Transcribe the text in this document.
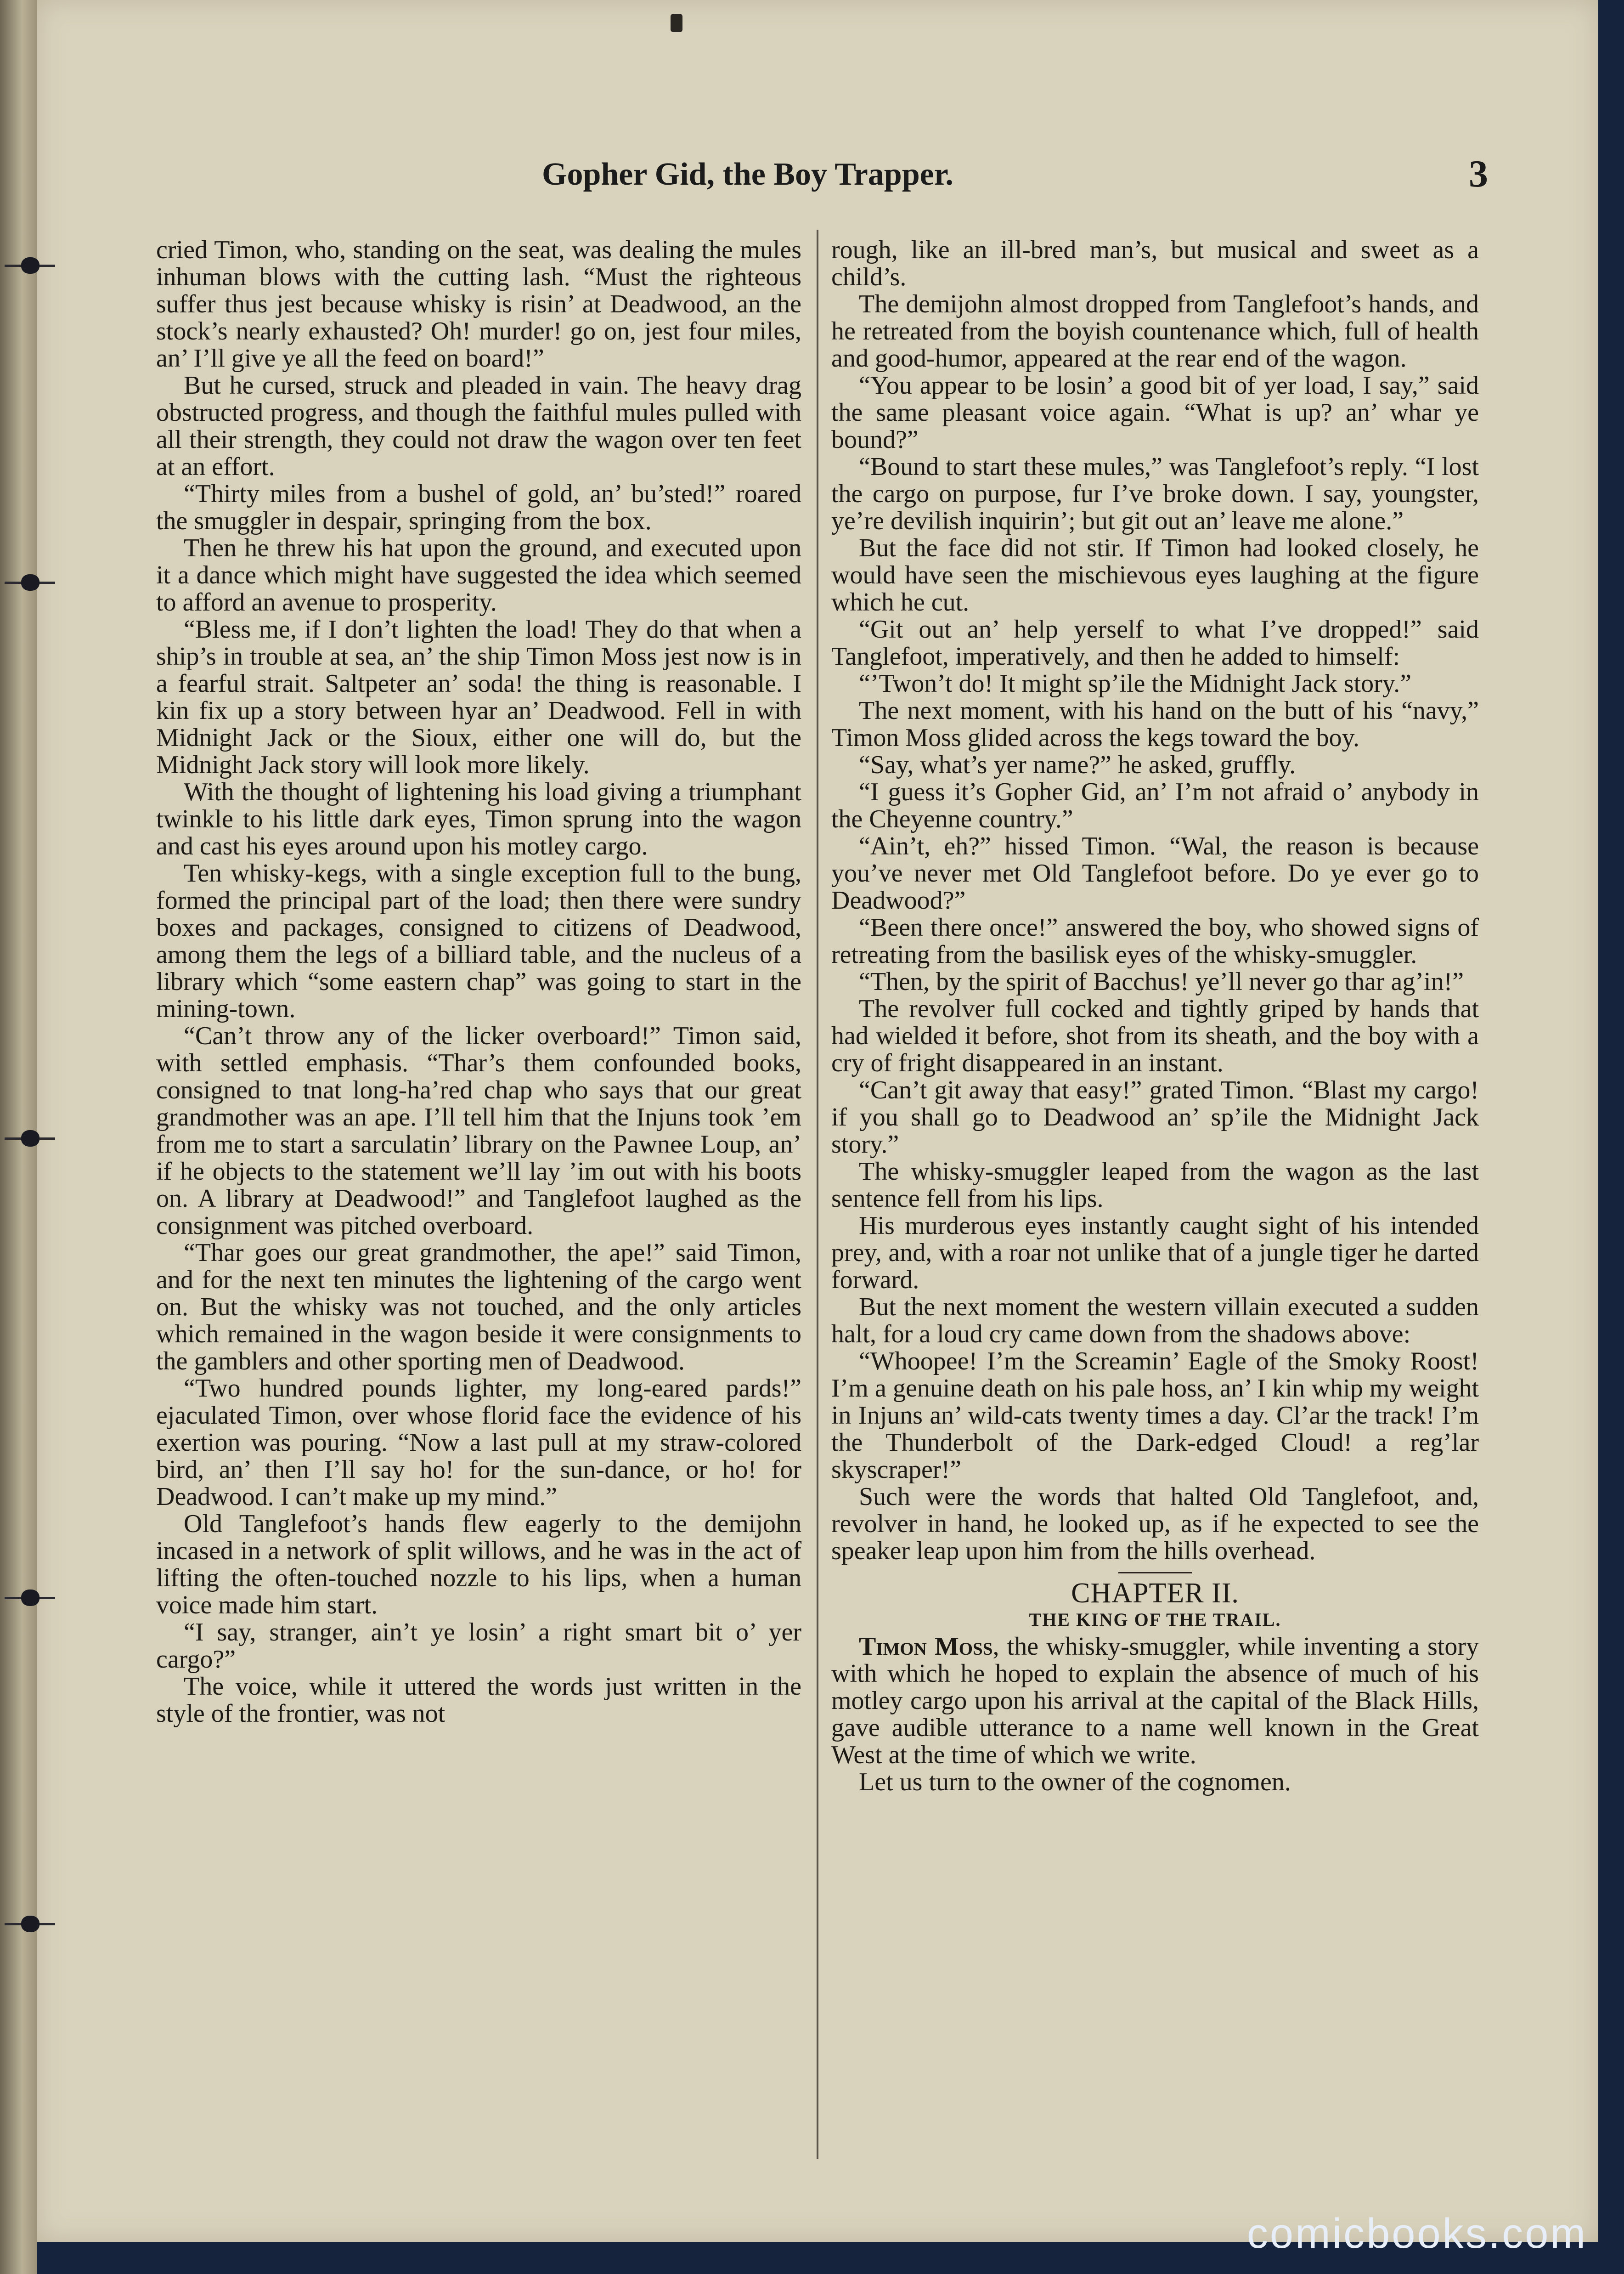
Gopher Gid, the Boy Trapper.	3

cried Timon, who, standing on the seat, was dealing the mules inhuman blows with the cutting lash. “Must the righteous suffer thus jest because whisky is risin’ at Deadwood, an the stock’s nearly exhausted? Oh! murder! go on, jest four miles, an’ I’ll give ye all the feed on board!”

But he cursed, struck and pleaded in vain. The heavy drag obstructed progress, and though the faithful mules pulled with all their strength, they could not draw the wagon over ten feet at an effort.

“Thirty miles from a bushel of gold, an’ bu’sted!” roared the smuggler in despair, springing from the box.

Then he threw his hat upon the ground, and executed upon it a dance which might have suggested the idea which seemed to afford an avenue to prosperity.

“Bless me, if I don’t lighten the load! They do that when a ship’s in trouble at sea, an’ the ship Timon Moss jest now is in a fearful strait. Saltpeter an’ soda! the thing is reasonable. I kin fix up a story between hyar an’ Deadwood. Fell in with Midnight Jack or the Sioux, either one will do, but the Midnight Jack story will look more likely.

With the thought of lightening his load giving a triumphant twinkle to his little dark eyes, Timon sprung into the wagon and cast his eyes around upon his motley cargo.

Ten whisky-kegs, with a single exception full to the bung, formed the principal part of the load; then there were sundry boxes and packages, consigned to citizens of Deadwood, among them the legs of a billiard table, and the nucleus of a library which “some eastern chap” was going to start in the mining-town.

“Can’t throw any of the licker overboard!” Timon said, with settled emphasis. “Thar’s them confounded books, consigned to tnat long-ha’red chap who says that our great grandmother was an ape. I’ll tell him that the Injuns took ’em from me to start a sarculatin’ library on the Pawnee Loup, an’ if he objects to the statement we’ll lay ’im out with his boots on. A library at Deadwood!” and Tanglefoot laughed as the consignment was pitched overboard.

“Thar goes our great grandmother, the ape!” said Timon, and for the next ten minutes the lightening of the cargo went on. But the whisky was not touched, and the only articles which remained in the wagon beside it were consignments to the gamblers and other sporting men of Deadwood.

“Two hundred pounds lighter, my long-eared pards!” ejaculated Timon, over whose florid face the evidence of his exertion was pouring. “Now a last pull at my straw-colored bird, an’ then I’ll say ho! for the sun-dance, or ho! for Deadwood. I can’t make up my mind.”

Old Tanglefoot’s hands flew eagerly to the demijohn incased in a network of split willows, and he was in the act of lifting the often-touched nozzle to his lips, when a human voice made him start.

“I say, stranger, ain’t ye losin’ a right smart bit o’ yer cargo?”

The voice, while it uttered the words just written in the style of the frontier, was not

rough, like an ill-bred man’s, but musical and sweet as a child’s.

The demijohn almost dropped from Tanglefoot’s hands, and he retreated from the boyish countenance which, full of health and good-humor, appeared at the rear end of the wagon.

“You appear to be losin’ a good bit of yer load, I say,” said the same pleasant voice again. “What is up? an’ whar ye bound?”

“Bound to start these mules,” was Tanglefoot’s reply. “I lost the cargo on purpose, fur I’ve broke down. I say, youngster, ye’re devilish inquirin’; but git out an’ leave me alone.”

But the face did not stir. If Timon had looked closely, he would have seen the mischievous eyes laughing at the figure which he cut.

“Git out an’ help yerself to what I’ve dropped!” said Tanglefoot, imperatively, and then he added to himself:

“’Twon’t do! It might sp’ile the Midnight Jack story.”

The next moment, with his hand on the butt of his “navy,” Timon Moss glided across the kegs toward the boy.

“Say, what’s yer name?” he asked, gruffly.

“I guess it’s Gopher Gid, an’ I’m not afraid o’ anybody in the Cheyenne country.”

“Ain’t, eh?” hissed Timon. “Wal, the reason is because you’ve never met Old Tanglefoot before. Do ye ever go to Deadwood?”

“Been there once!” answered the boy, who showed signs of retreating from the basilisk eyes of the whisky-smuggler.

“Then, by the spirit of Bacchus! ye’ll never go thar ag’in!”

The revolver full cocked and tightly griped by hands that had wielded it before, shot from its sheath, and the boy with a cry of fright disappeared in an instant.

“Can’t git away that easy!” grated Timon. “Blast my cargo! if you shall go to Deadwood an’ sp’ile the Midnight Jack story.”

The whisky-smuggler leaped from the wagon as the last sentence fell from his lips.

His murderous eyes instantly caught sight of his intended prey, and, with a roar not unlike that of a jungle tiger he darted forward.

But the next moment the western villain executed a sudden halt, for a loud cry came down from the shadows above:

“Whoopee! I’m the Screamin’ Eagle of the Smoky Roost! I’m a genuine death on his pale hoss, an’ I kin whip my weight in Injuns an’ wild-cats twenty times a day. Cl’ar the track! I’m the Thunderbolt of the Dark-edged Cloud! a reg’lar skyscraper!”

Such were the words that halted Old Tanglefoot, and, revolver in hand, he looked up, as if he expected to see the speaker leap upon him from the hills overhead.

CHAPTER II.
THE KING OF THE TRAIL.

Timon Moss, the whisky-smuggler, while inventing a story with which he hoped to explain the absence of much of his motley cargo upon his arrival at the capital of the Black Hills, gave audible utterance to a name well known in the Great West at the time of which we write.

Let us turn to the owner of the cognomen.

comicbooks.com
